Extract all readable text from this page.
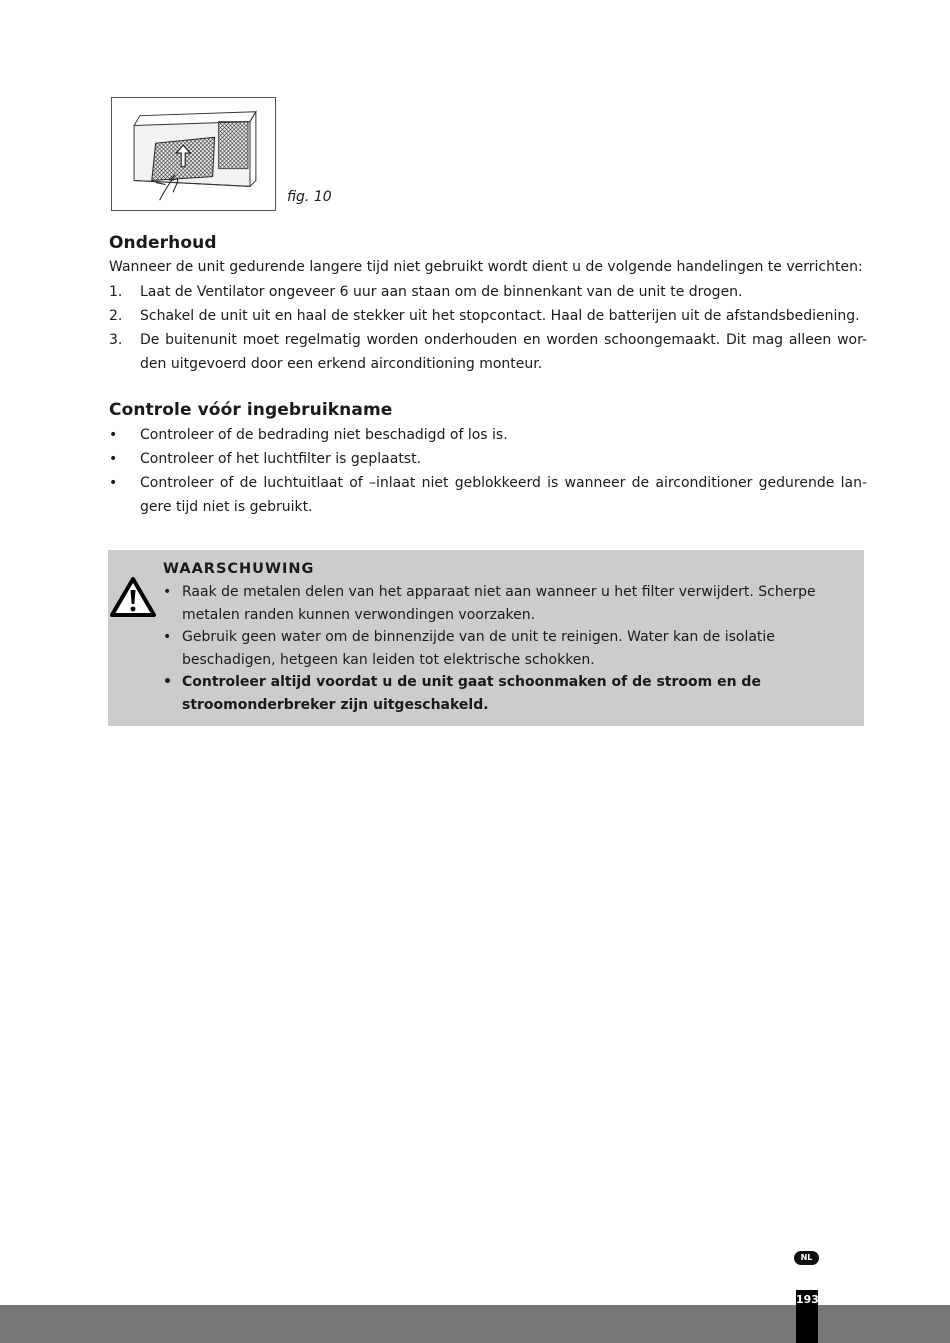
fig. 10
Onderhoud

Wanneer de unit gedurende langere tijd niet gebruikt wordt dient u de volgende handelingen te verrichten:

1. Laat de Ventilator ongeveer 6 uur aan staan om de binnenkant van de unit te drogen.
2. Schakel de unit uit en haal de stekker uit het stopcontact. Haal de batterijen uit de afstandsbediening.
3. De buitenunit moet regelmatig worden onderhouden en worden schoongemaakt. Dit mag alleen wor-den uitgevoerd door een erkend airconditioning monteur.
Controle vóór ingebruikname
• Controleer of de bedrading niet beschadigd of los is.
• Controleer of het luchtfilter is geplaatst.
• Controleer of de luchtuitlaat of –inlaat niet geblokkeerd is wanneer de airconditioner gedurende lan-gere tijd niet is gebruikt.
WAARSCHUWING
• Raak de metalen delen van het apparaat niet aan wanneer u het filter verwijdert. Scherpe metalen randen kunnen verwondingen voorzaken.
• Gebruik geen water om de binnenzijde van de unit te reinigen. Water kan de isolatie beschadigen, hetgeen kan leiden tot elektrische schokken.
• Controleer altijd voordat u de unit gaat schoonmaken of de stroom en de stroomonderbreker zijn uitgeschakeld.
NL
193
